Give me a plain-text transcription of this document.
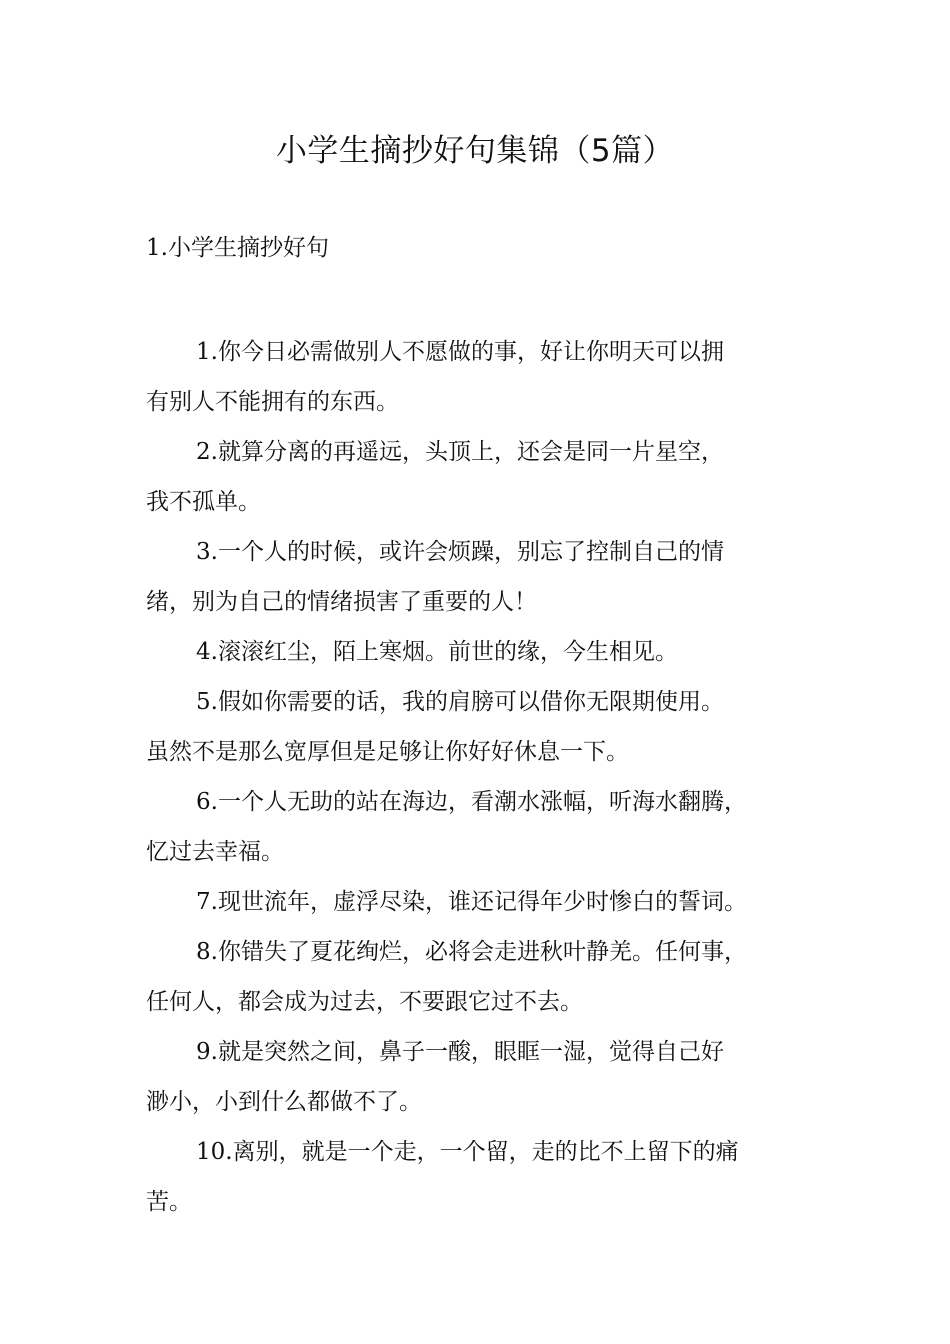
小学生摘抄好句集锦（5篇）
1.小学生摘抄好句
1.你今日必需做别人不愿做的事，好让你明天可以拥
有别人不能拥有的东西。
2.就算分离的再遥远，头顶上，还会是同一片星空，
我不孤单。
3.一个人的时候，或许会烦躁，别忘了控制自己的情
绪，别为自己的情绪损害了重要的人！
4.滚滚红尘，陌上寒烟。前世的缘，今生相见。
5.假如你需要的话，我的肩膀可以借你无限期使用。
虽然不是那么宽厚但是足够让你好好休息一下。
6.一个人无助的站在海边，看潮水涨幅，听海水翻腾，
忆过去幸福。
7.现世流年，虚浮尽染，谁还记得年少时惨白的誓词。
8.你错失了夏花绚烂，必将会走进秋叶静羌。任何事，
任何人，都会成为过去，不要跟它过不去。
9.就是突然之间，鼻子一酸，眼眶一湿，觉得自己好
渺小，小到什么都做不了。
10.离别，就是一个走，一个留，走的比不上留下的痛
苦。
